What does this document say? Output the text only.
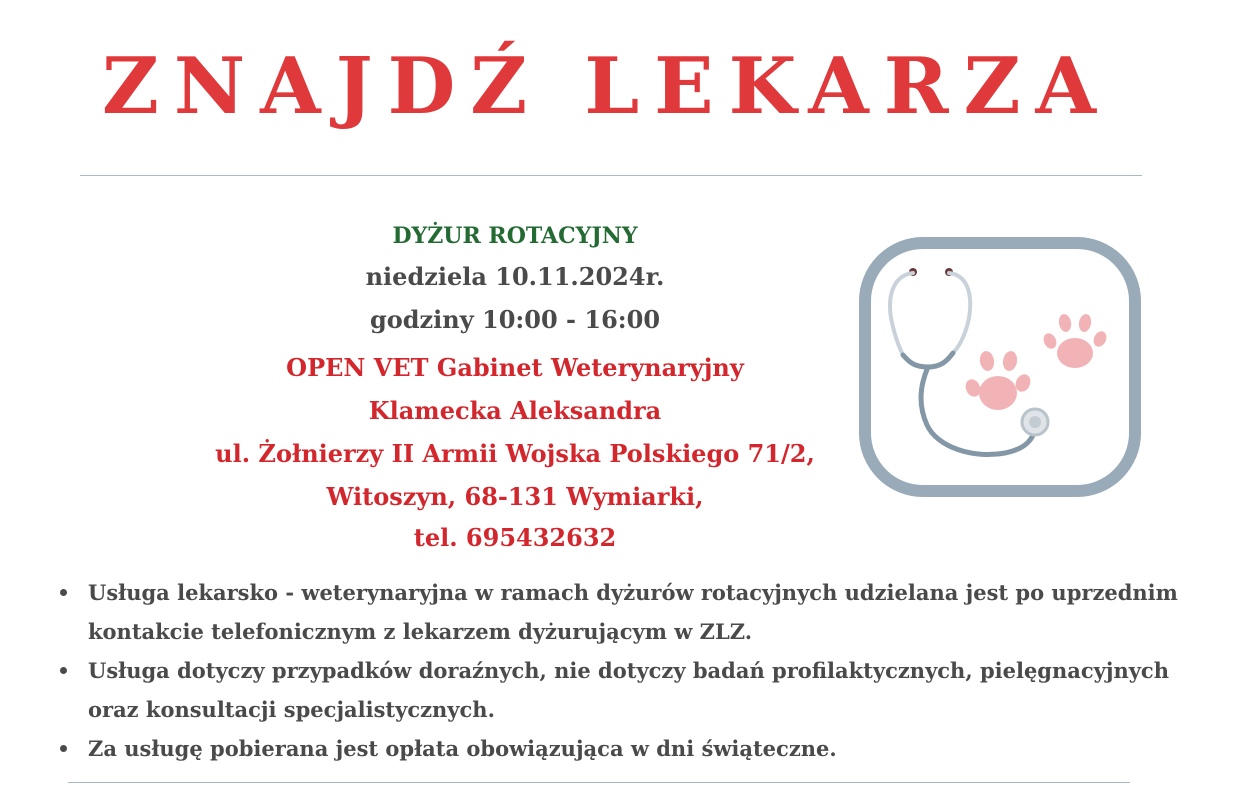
ZNAJDŹ LEKARZA
DYŻUR ROTACYJNY
niedziela 10.11.2024r.
godziny 10:00 - 16:00
OPEN VET Gabinet Weterynaryjny
Klamecka Aleksandra
ul. Żołnierzy II Armii Wojska Polskiego 71/2,
Witoszyn, 68-131 Wymiarki,
tel. 695432632
Usługa lekarsko - weterynaryjna w ramach dyżurów rotacyjnych udzielana jest po uprzednim
kontakcie telefonicznym z lekarzem dyżurującym w ZLZ.
Usługa dotyczy przypadków doraźnych, nie dotyczy badań profilaktycznych, pielęgnacyjnych
oraz konsultacji specjalistycznych.
Za usługę pobierana jest opłata obowiązująca w dni świąteczne.
